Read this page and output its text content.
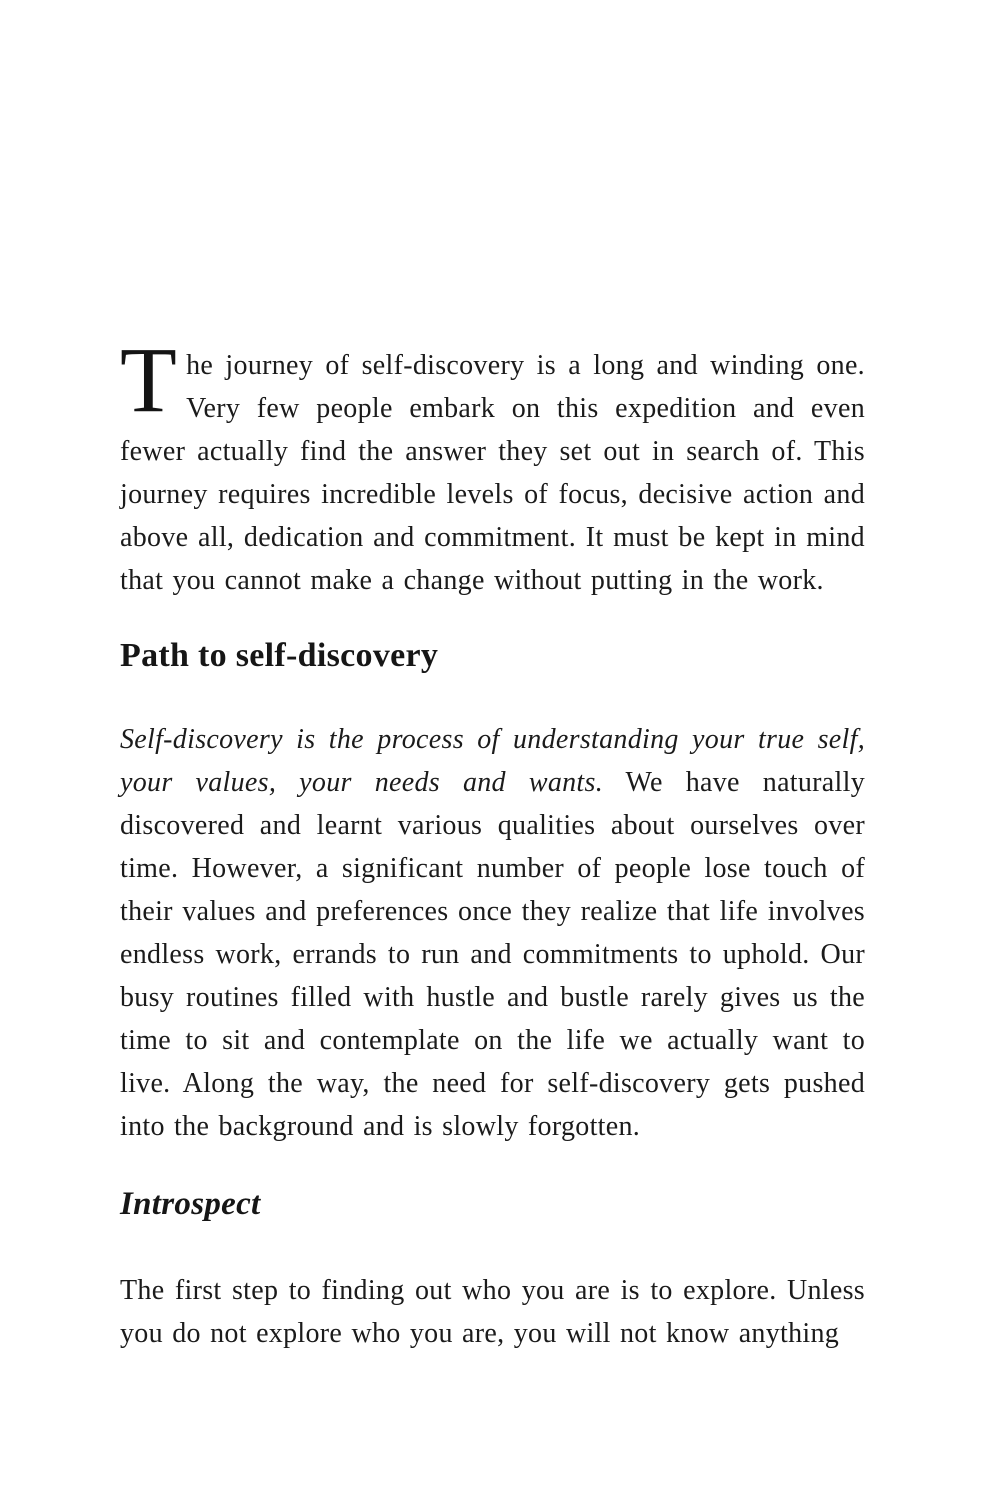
The journey of self-discovery is a long and winding one. Very few people embark on this expedition and even fewer actually find the answer they set out in search of. This journey requires incredible levels of focus, decisive action and above all, dedication and commitment. It must be kept in mind that you cannot make a change without putting in the work.

Path to self-discovery

Self-discovery is the process of understanding your true self, your values, your needs and wants. We have naturally discovered and learnt various qualities about ourselves over time. However, a significant number of people lose touch of their values and preferences once they realize that life involves endless work, errands to run and commitments to uphold. Our busy routines filled with hustle and bustle rarely gives us the time to sit and contemplate on the life we actually want to live. Along the way, the need for self-discovery gets pushed into the background and is slowly forgotten.

Introspect

The first step to finding out who you are is to explore. Unless you do not explore who you are, you will not know anything
